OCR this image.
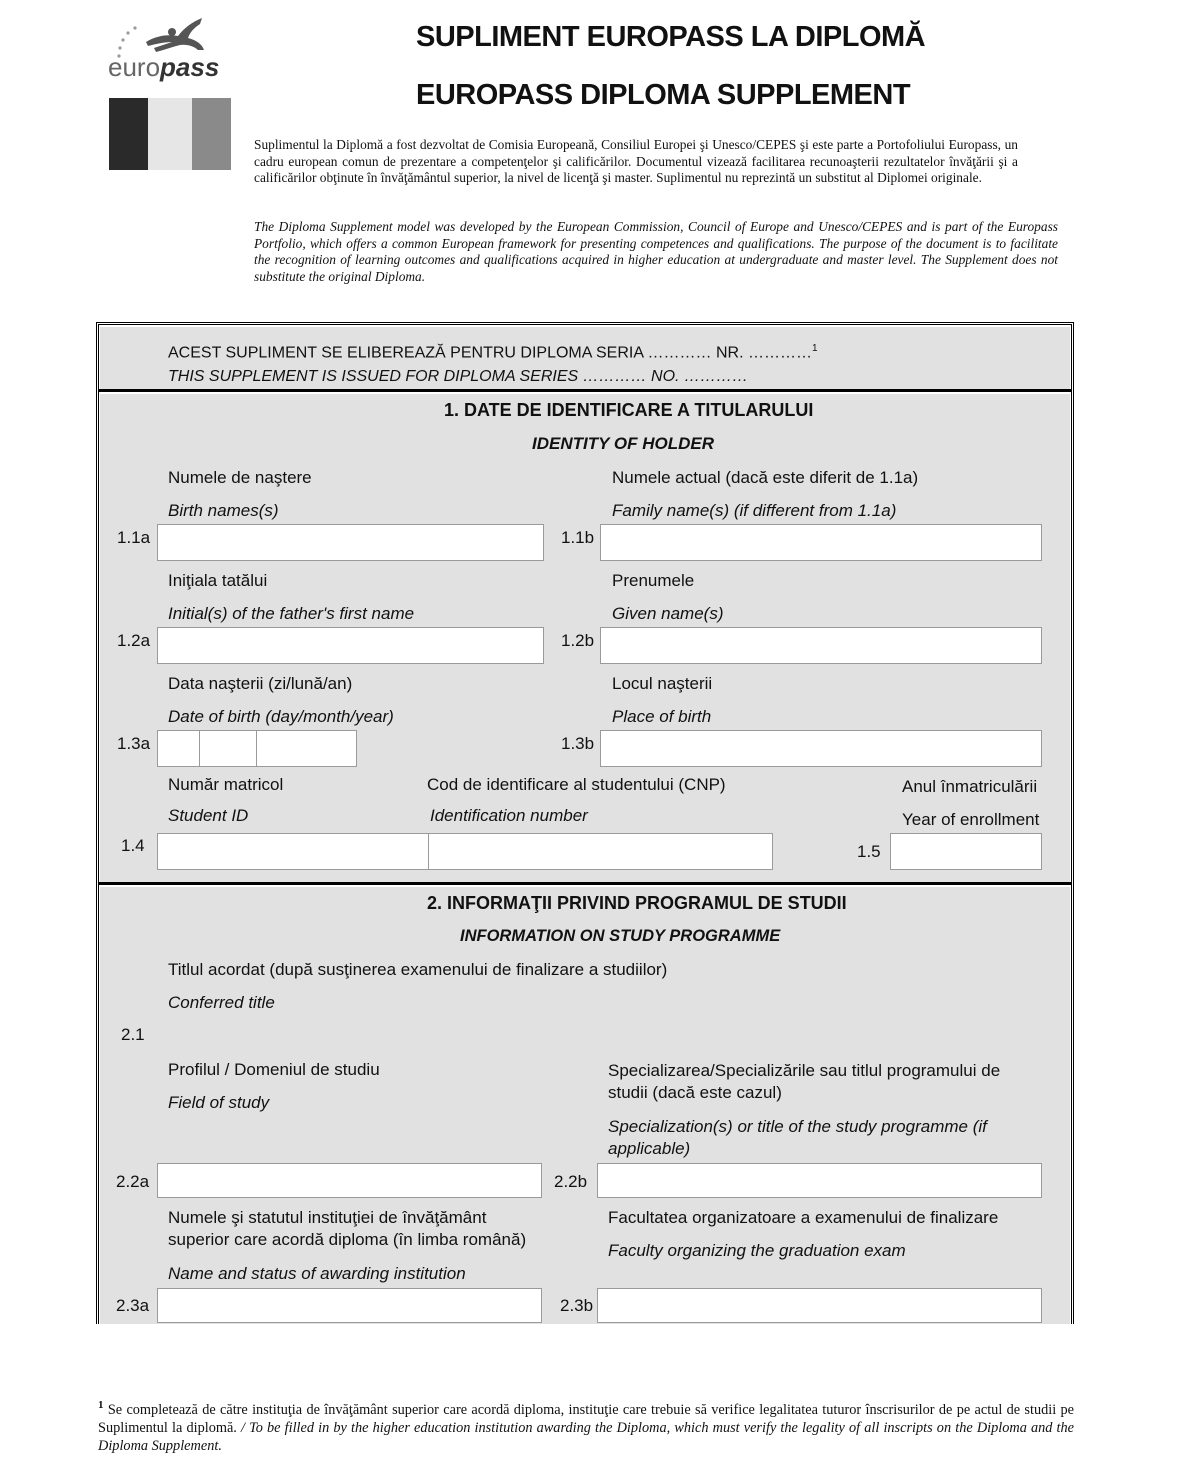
europass
SUPLIMENT EUROPASS LA DIPLOMĂ
EUROPASS DIPLOMA SUPPLEMENT
Suplimentul la Diplomă a fost dezvoltat de Comisia Europeană, Consiliul Europei şi Unesco/CEPES şi este parte a Portofoliului Europass, un cadru european comun de prezentare a competenţelor şi calificărilor. Documentul vizează facilitarea recunoaşterii rezultatelor învăţării şi a calificărilor obţinute în învăţământul superior, la nivel de licenţă şi master. Suplimentul nu reprezintă un substitut al Diplomei originale.
The Diploma Supplement model was developed by the European Commission, Council of Europe and Unesco/CEPES and is part of the Europass Portfolio, which offers a common European framework for presenting competences and qualifications. The purpose of the document is to facilitate the recognition of learning outcomes and qualifications acquired in higher education at undergraduate and master level. The Supplement does not substitute the original Diploma.
ACEST SUPLIMENT SE ELIBEREAZĂ PENTRU DIPLOMA SERIA ………… NR. …………$^1$
THIS SUPPLEMENT IS ISSUED FOR DIPLOMA SERIES ………… NO. …………
1. DATE DE IDENTIFICARE A TITULARULUI
IDENTITY OF HOLDER
Numele de naştere
Birth names(s)
1.1a
Numele actual (dacă este diferit de 1.1a)
Family name(s) (if different from 1.1a)
1.1b
Iniţiala tatălui
Initial(s) of the father's first name
1.2a
Prenumele
Given name(s)
1.2b
Data naşterii (zi/lună/an)
Date of birth (day/month/year)
1.3a
Locul naşterii
Place of birth
1.3b
Număr matricol
Student ID
Cod de identificare al studentului (CNP)
Identification number
1.4
Anul înmatriculării
Year of enrollment
1.5
2. INFORMAŢII PRIVIND PROGRAMUL DE STUDII
INFORMATION ON STUDY PROGRAMME
Titlul acordat (după susţinerea examenului de finalizare a studiilor)
Conferred title
2.1
Profilul / Domeniul de studiu
Field of study
Specializarea/Specializările sau titlul programului de studii (dacă este cazul)
Specialization(s) or title of the study programme (if applicable)
2.2a	2.2b
Numele şi statutul instituţiei de învăţământ superior care acordă diploma (în limba română)
Name and status of awarding institution
Facultatea organizatoare a examenului de finalizare
Faculty organizing the graduation exam
2.3a	2.3b
$^1$ Se completează de către instituţia de învăţământ superior care acordă diploma, instituţie care trebuie să verifice legalitatea tuturor înscrisurilor de pe actul de studii pe Suplimentul la diplomă. / To be filled in by the higher education institution awarding the Diploma, which must verify the legality of all inscripts on the Diploma and the Diploma Supplement.
